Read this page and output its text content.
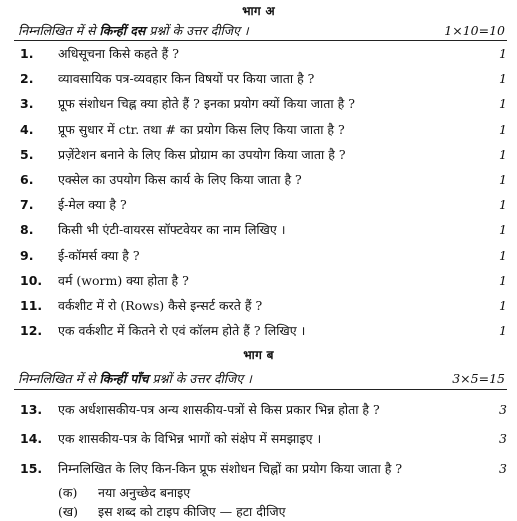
भाग अ
निम्नलिखित में से किन्हीं दस प्रश्नों के उत्तर दीजिए ।	1×10=10
1. अधिसूचना किसे कहते हैं ?	1
2. व्यावसायिक पत्र-व्यवहार किन विषयों पर किया जाता है ?	1
3. प्रूफ संशोधन चिह्न क्या होते हैं ? इनका प्रयोग क्यों किया जाता है ?	1
4. प्रूफ सुधार में ctr. तथा # का प्रयोग किस लिए किया जाता है ?	1
5. प्रज़ेंटेशन बनाने के लिए किस प्रोग्राम का उपयोग किया जाता है ?	1
6. एक्सेल का उपयोग किस कार्य के लिए किया जाता है ?	1
7. ई-मेल क्या है ?	1
8. किसी भी एंटी-वायरस सॉफ्टवेयर का नाम लिखिए ।	1
9. ई-कॉमर्स क्या है ?	1
10. वर्म (worm) क्या होता है ?	1
11. वर्कशीट में रो (Rows) कैसे इन्सर्ट करते हैं ?	1
12. एक वर्कशीट में कितने रो एवं कॉलम होते हैं ? लिखिए ।	1
भाग ब
निम्नलिखित में से किन्हीं पाँच प्रश्नों के उत्तर दीजिए ।	3×5=15
13. एक अर्धशासकीय-पत्र अन्य शासकीय-पत्रों से किस प्रकार भिन्न होता है ?	3
14. एक शासकीय-पत्र के विभिन्न भागों को संक्षेप में समझाइए ।	3
15. निम्नलिखित के लिए किन-किन प्रूफ संशोधन चिह्नों का प्रयोग किया जाता है ?	3
(क) नया अनुच्छेद बनाइए
(ख) इस शब्द को टाइप कीजिए — हटा दीजिए
